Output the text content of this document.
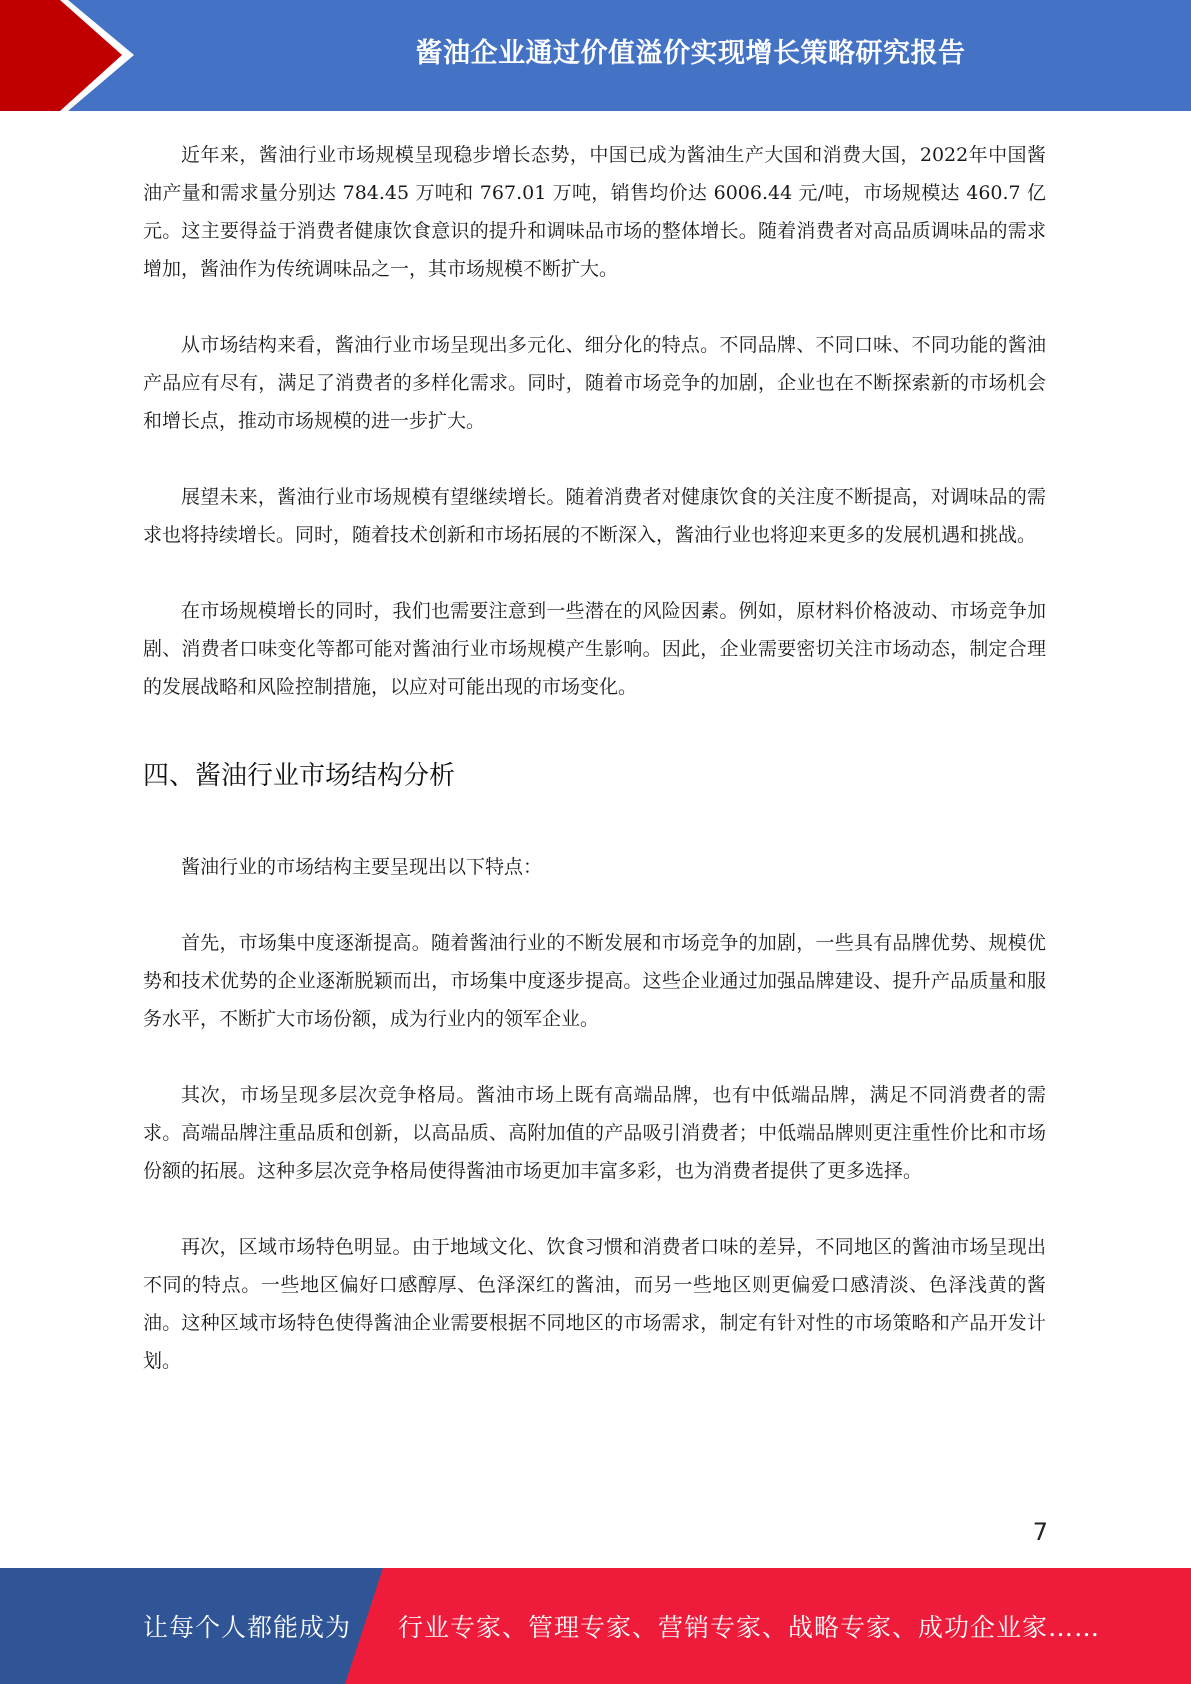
酱油企业通过价值溢价实现增长策略研究报告

近年来，酱油行业市场规模呈现稳步增长态势，中国已成为酱油生产大国和消费大国，2022年中国酱油产量和需求量分别达 784.45 万吨和 767.01 万吨，销售均价达 6006.44 元/吨，市场规模达 460.7 亿元。这主要得益于消费者健康饮食意识的提升和调味品市场的整体增长。随着消费者对高品质调味品的需求增加，酱油作为传统调味品之一，其市场规模不断扩大。

从市场结构来看，酱油行业市场呈现出多元化、细分化的特点。不同品牌、不同口味、不同功能的酱油产品应有尽有，满足了消费者的多样化需求。同时，随着市场竞争的加剧，企业也在不断探索新的市场机会和增长点，推动市场规模的进一步扩大。

展望未来，酱油行业市场规模有望继续增长。随着消费者对健康饮食的关注度不断提高，对调味品的需求也将持续增长。同时，随着技术创新和市场拓展的不断深入，酱油行业也将迎来更多的发展机遇和挑战。

在市场规模增长的同时，我们也需要注意到一些潜在的风险因素。例如，原材料价格波动、市场竞争加剧、消费者口味变化等都可能对酱油行业市场规模产生影响。因此，企业需要密切关注市场动态，制定合理的发展战略和风险控制措施，以应对可能出现的市场变化。

四、酱油行业市场结构分析

酱油行业的市场结构主要呈现出以下特点：

首先，市场集中度逐渐提高。随着酱油行业的不断发展和市场竞争的加剧，一些具有品牌优势、规模优势和技术优势的企业逐渐脱颖而出，市场集中度逐步提高。这些企业通过加强品牌建设、提升产品质量和服务水平，不断扩大市场份额，成为行业内的领军企业。

其次，市场呈现多层次竞争格局。酱油市场上既有高端品牌，也有中低端品牌，满足不同消费者的需求。高端品牌注重品质和创新，以高品质、高附加值的产品吸引消费者；中低端品牌则更注重性价比和市场份额的拓展。这种多层次竞争格局使得酱油市场更加丰富多彩，也为消费者提供了更多选择。

再次，区域市场特色明显。由于地域文化、饮食习惯和消费者口味的差异，不同地区的酱油市场呈现出不同的特点。一些地区偏好口感醇厚、色泽深红的酱油，而另一些地区则更偏爱口感清淡、色泽浅黄的酱油。这种区域市场特色使得酱油企业需要根据不同地区的市场需求，制定有针对性的市场策略和产品开发计划。

7
让每个人都能成为 行业专家、管理专家、营销专家、战略专家、成功企业家……
